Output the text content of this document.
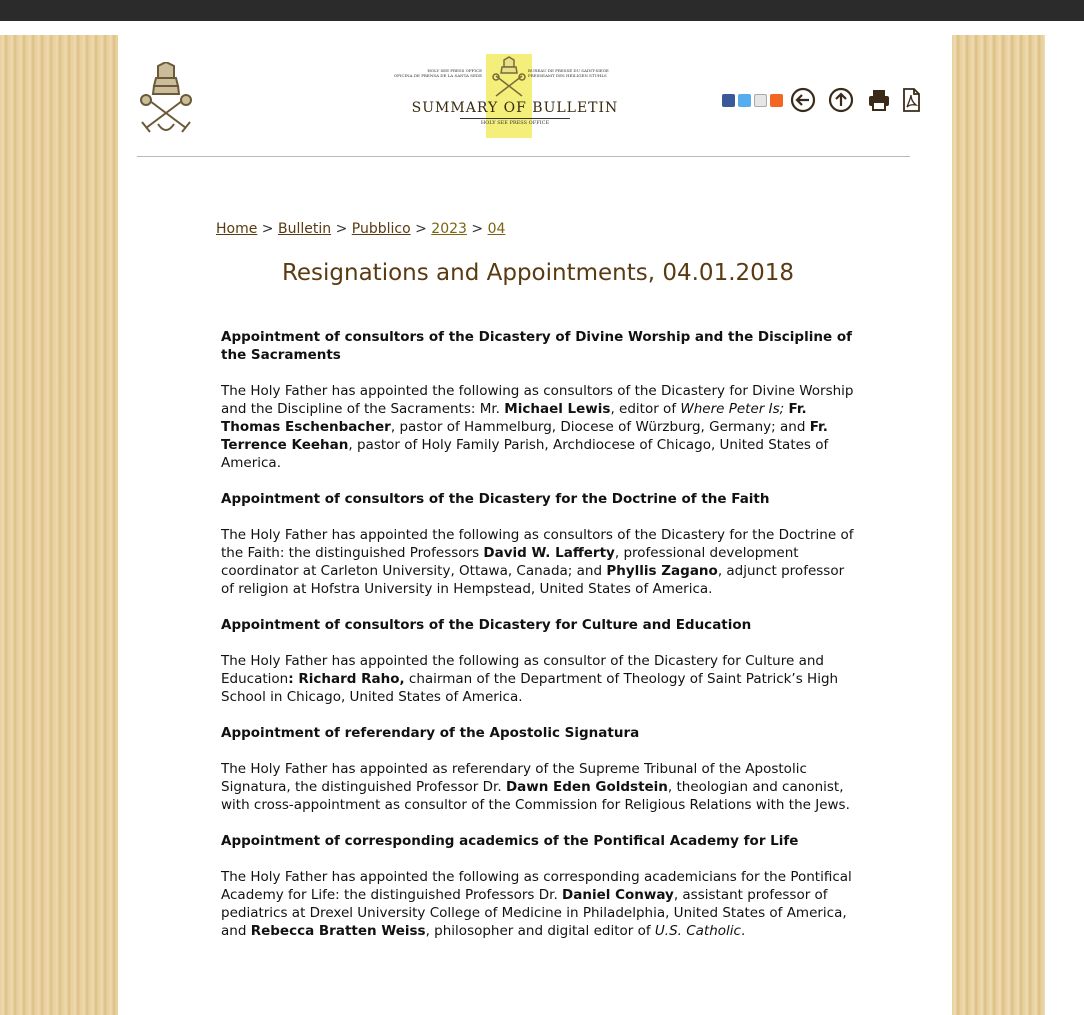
HOLY SEE PRESS OFFICE
OFICINA DE PRENSA DE LA SANTA SEDE
BUREAU DE PRESSE DU SAINT-SIEGE
PRESSEAMT DES HEILIGEN STUHLS
SUMMARY OF BULLETIN
HOLY SEE PRESS OFFICE
Home > Bulletin > Pubblico > 2023 > 04
Resignations and Appointments, 04.01.2018
Appointment of consultors of the Dicastery of Divine Worship and the Discipline of the Sacraments
The Holy Father has appointed the following as consultors of the Dicastery for Divine Worship and the Discipline of the Sacraments: Mr. Michael Lewis, editor of Where Peter Is; Fr. Thomas Eschenbacher, pastor of Hammelburg, Diocese of Würzburg, Germany; and Fr. Terrence Keehan, pastor of Holy Family Parish, Archdiocese of Chicago, United States of America.
Appointment of consultors of the Dicastery for the Doctrine of the Faith
The Holy Father has appointed the following as consultors of the Dicastery for the Doctrine of the Faith: the distinguished Professors David W. Lafferty, professional development coordinator at Carleton University, Ottawa, Canada; and Phyllis Zagano, adjunct professor of religion at Hofstra University in Hempstead, United States of America.
Appointment of consultors of the Dicastery for Culture and Education
The Holy Father has appointed the following as consultor of the Dicastery for Culture and Education: Richard Raho, chairman of the Department of Theology of Saint Patrick’s High School in Chicago, United States of America.
Appointment of referendary of the Apostolic Signatura
The Holy Father has appointed as referendary of the Supreme Tribunal of the Apostolic Signatura, the distinguished Professor Dr. Dawn Eden Goldstein, theologian and canonist, with cross-appointment as consultor of the Commission for Religious Relations with the Jews.
Appointment of corresponding academics of the Pontifical Academy for Life
The Holy Father has appointed the following as corresponding academicians for the Pontifical Academy for Life: the distinguished Professors Dr. Daniel Conway, assistant professor of pediatrics at Drexel University College of Medicine in Philadelphia, United States of America, and Rebecca Bratten Weiss, philosopher and digital editor of U.S. Catholic.
